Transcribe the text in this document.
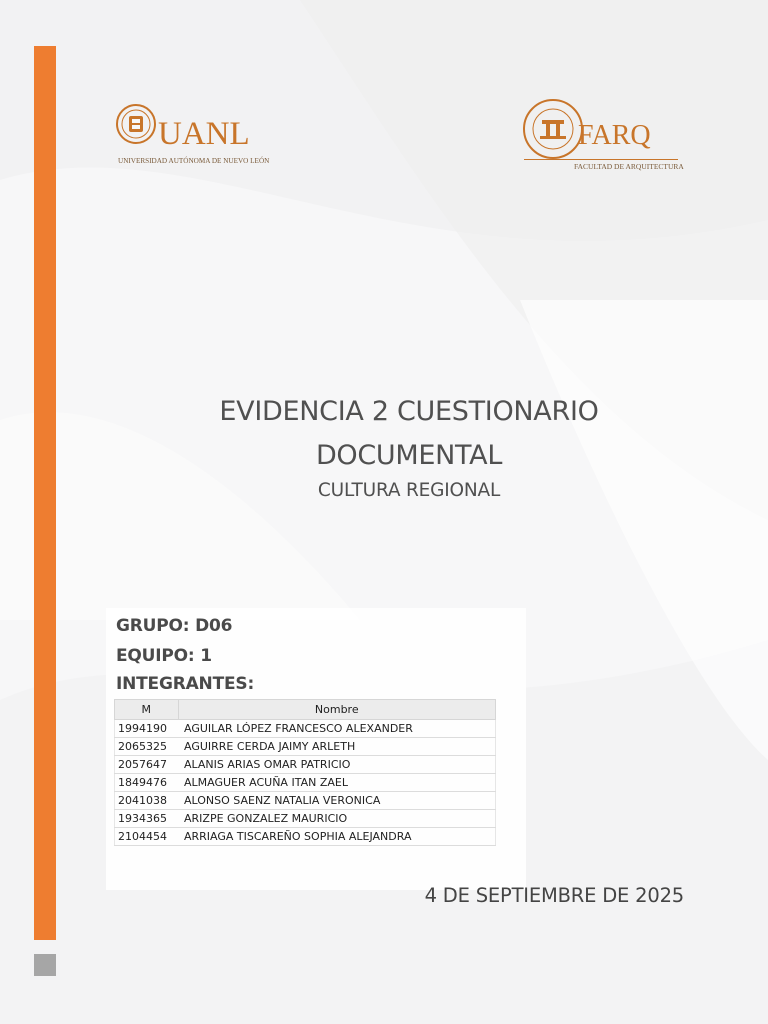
UANL
UNIVERSIDAD AUTÓNOMA DE NUEVO LEÓN
FARQ
FACULTAD DE ARQUITECTURA
EVIDENCIA 2 CUESTIONARIO
DOCUMENTAL
CULTURA REGIONAL
GRUPO: D06
EQUIPO: 1
INTEGRANTES:
M	Nombre
1994190	AGUILAR LÓPEZ FRANCESCO ALEXANDER
2065325	AGUIRRE CERDA JAIMY ARLETH
2057647	ALANIS ARIAS OMAR PATRICIO
1849476	ALMAGUER ACUÑA ITAN ZAEL
2041038	ALONSO SAENZ NATALIA VERONICA
1934365	ARIZPE GONZALEZ MAURICIO
2104454	ARRIAGA TISCAREÑO SOPHIA ALEJANDRA
4 DE SEPTIEMBRE DE 2025
